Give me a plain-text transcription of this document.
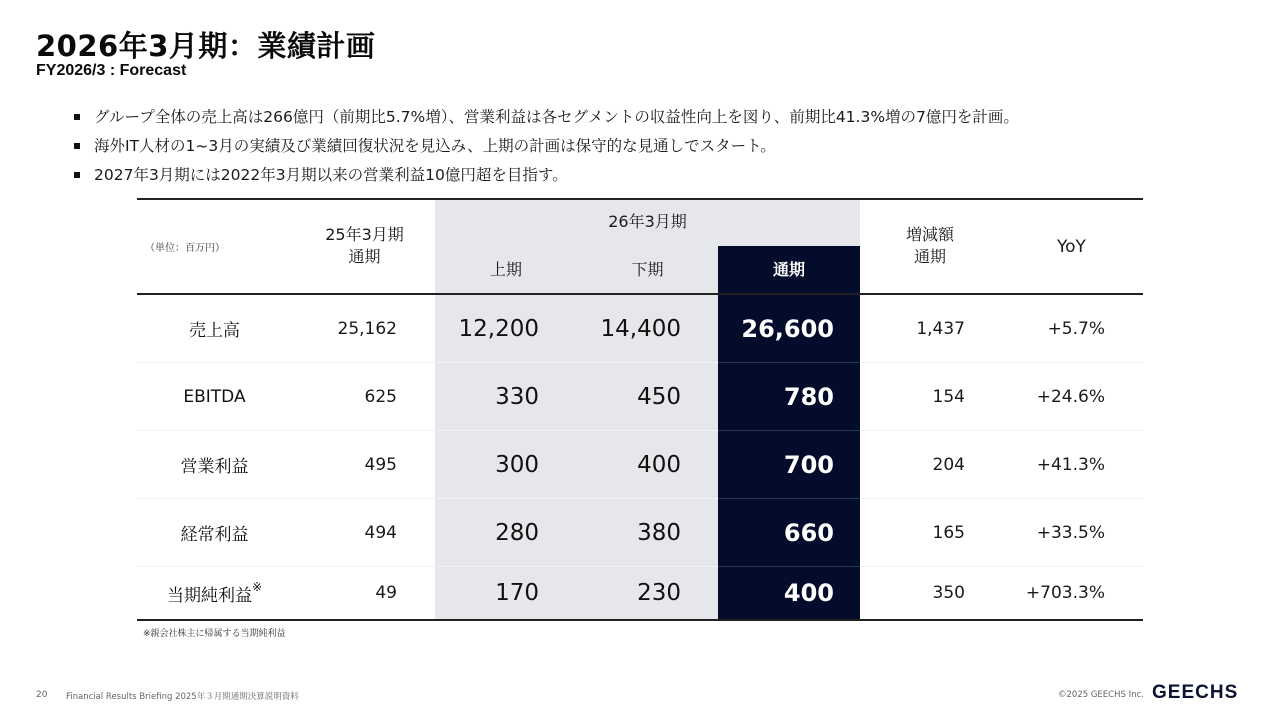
2026年3月期：業績計画
FY2026/3 : Forecast
グループ全体の売上高は266億円（前期比5.7%増）、営業利益は各セグメントの収益性向上を図り、前期比41.3%増の7億円を計画。
海外IT人材の1~3月の実績及び業績回復状況を見込み、上期の計画は保守的な見通しでスタート。
2027年3月期には2022年3月期以来の営業利益10億円超を目指す。
（単位：百万円）
25年3月期
通期
26年3月期
上期	下期	通期
増減額
通期	YoY
売上高	25,162	12,200	14,400	26,600	1,437	+5.7%
EBITDA	625	330	450	780	154	+24.6%
営業利益	495	300	400	700	204	+41.3%
経常利益	494	280	380	660	165	+33.5%
当期純利益 ※	49	170	230	400	350	+703.3%
※親会社株主に帰属する当期純利益
20 Financial Results Briefing 2025年３月期通期決算説明資料	©2025 GEECHS Inc. GEECHS
